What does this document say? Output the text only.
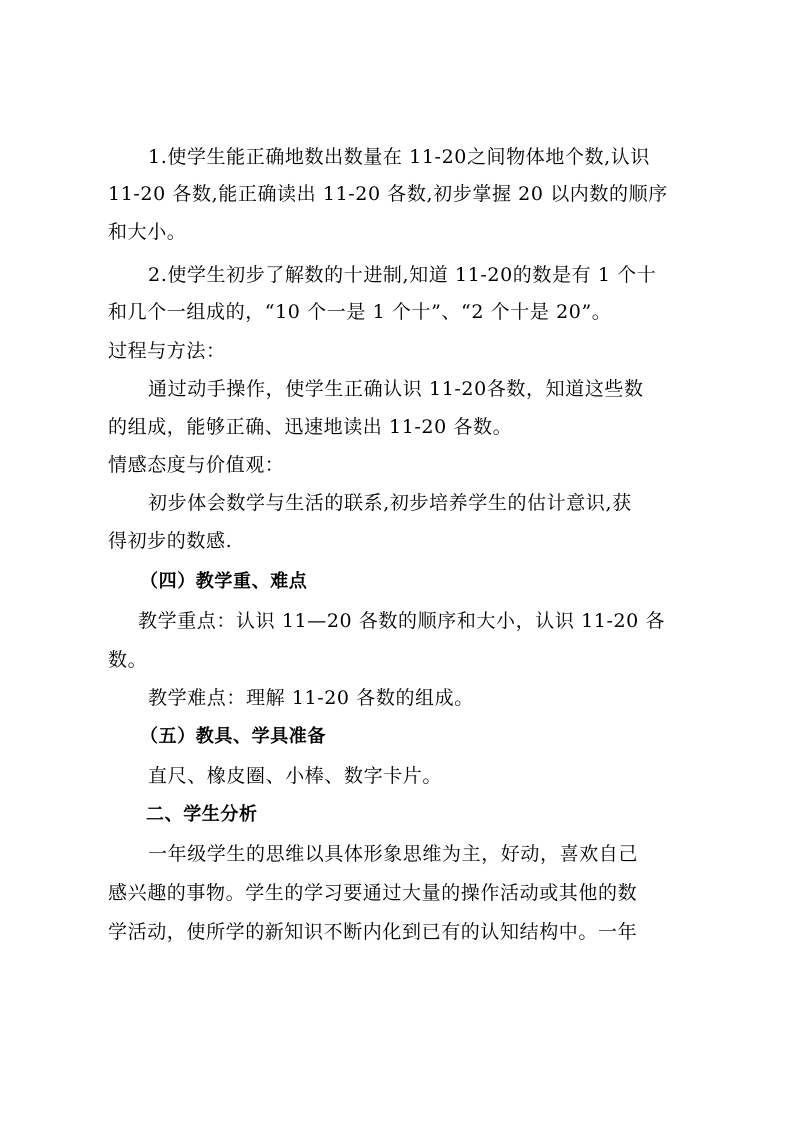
1.使学生能正确地数出数量在 11-20之间物体地个数,认识
11-20 各数,能正确读出 11-20 各数,初步掌握 20 以内数的顺序
和大小。
2.使学生初步了解数的十进制,知道 11-20的数是有 1 个十
和几个一组成的，“10 个一是 1 个十”、“2 个十是 20”。
过程与方法：
通过动手操作，使学生正确认识 11-20各数，知道这些数
的组成，能够正确、迅速地读出 11-20 各数。
情感态度与价值观：
初步体会数学与生活的联系,初步培养学生的估计意识,获
得初步的数感.
（四）教学重、难点
教学重点：认识 11—20 各数的顺序和大小，认识 11-20 各
数。
教学难点：理解 11-20 各数的组成。
（五）教具、学具准备
直尺、橡皮圈、小棒、数字卡片。
二、学生分析
一年级学生的思维以具体形象思维为主，好动，喜欢自己
感兴趣的事物。学生的学习要通过大量的操作活动或其他的数
学活动，使所学的新知识不断内化到已有的认知结构中。一年
